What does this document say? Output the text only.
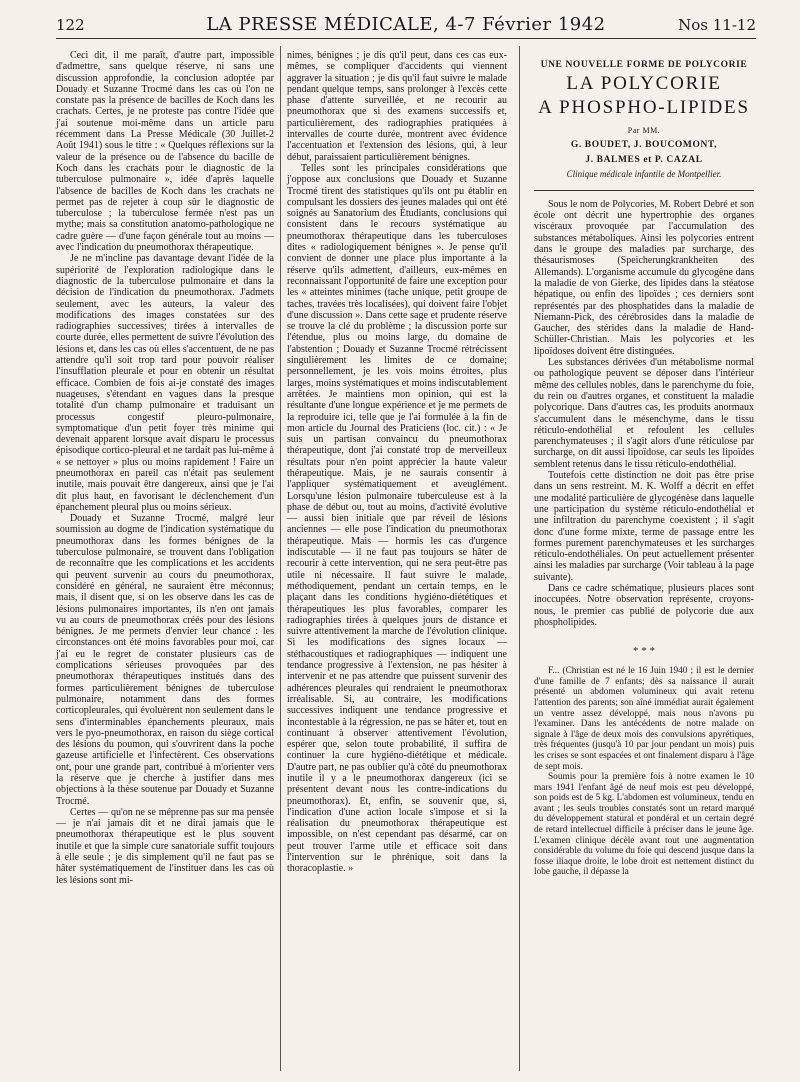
122	LA PRESSE MÉDICALE, 4-7 Février 1942	Nos 11-12

Ceci dit, il me paraît, d'autre part, impossible d'admettre, sans quelque réserve, ni sans une discussion approfondie, la conclusion adoptée par Douady et Suzanne Trocmé dans les cas où l'on ne constate pas la présence de bacilles de Koch dans les crachats. Certes, je ne proteste pas contre l'idée que j'ai soutenue moi-même dans un article paru récemment dans La Presse Médicale (30 Juillet-2 Août 1941) sous le titre : « Quelques réflexions sur la valeur de la présence ou de l'absence du bacille de Koch dans les crachats pour le diagnostic de la tuberculose pulmonaire », idée d'après laquelle l'absence de bacilles de Koch dans les crachats ne permet pas de rejeter à coup sûr le diagnostic de tuberculose ; la tuberculose fermée n'est pas un mythe; mais sa constitution anatomo-pathologique ne cadre guère — d'une façon générale tout au moins — avec l'indication du pneumothorax thérapeutique.

Je ne m'incline pas davantage devant l'idée de la supériorité de l'exploration radiologique dans le diagnostic de la tuberculose pulmonaire et dans la décision de l'indication du pneumothorax. J'admets seulement, avec les auteurs, la valeur des modifications des images constatées sur des radiographies successives; tirées à intervalles de courte durée, elles permettent de suivre l'évolution des lésions et, dans les cas où elles s'accentuent, de ne pas attendre qu'il soit trop tard pour pouvoir réaliser l'insufflation pleurale et pour en obtenir un résultat efficace. Combien de fois ai-je constaté des images nuageuses, s'étendant en vagues dans la presque totalité d'un champ pulmonaire et traduisant un processus congestif pleuro-pulmonaire, symptomatique d'un petit foyer très minime qui devenait apparent lorsque avait disparu le processus épisodique cortico-pleural et ne tardait pas lui-même à « se nettoyer » plus ou moins rapidement ! Faire un pneumothorax en pareil cas n'était pas seulement inutile, mais pouvait être dangereux, ainsi que je l'ai dit plus haut, en favorisant le déclenchement d'un épanchement pleural plus ou moins sérieux.

Douady et Suzanne Trocmé, malgré leur soumission au dogme de l'indication systématique du pneumothorax dans les formes bénignes de la tuberculose pulmonaire, se trouvent dans l'obligation de reconnaître que les complications et les accidents qui peuvent survenir au cours du pneumothorax, considéré en général, ne sauraient être méconnus; mais, il disent que, si on les observe dans les cas de lésions pulmonaires importantes, ils n'en ont jamais vu au cours de pneumothorax créés pour des lésions bénignes. Je me permets d'envier leur chance : les circonstances ont été moins favorables pour moi, car j'ai eu le regret de constater plusieurs cas de complications sérieuses provoquées par des pneumothorax thérapeutiques institués dans des formes particulièrement bénignes de tuberculose pulmonaire, notamment dans des formes corticopleurales, qui évoluèrent non seulement dans le sens d'interminables épanchements pleuraux, mais vers le pyo-pneumothorax, en raison du siège cortical des lésions du poumon, qui s'ouvrirent dans la poche gazeuse artificielle et l'infectèrent. Ces observations ont, pour une grande part, contribué à m'orienter vers la réserve que je cherche à justifier dans mes objections à la thèse soutenue par Douady et Suzanne Trocmé.

Certes — qu'on ne se méprenne pas sur ma pensée — je n'ai jamais dit et ne dirai jamais que le pneumothorax thérapeutique est le plus souvent inutile et que la simple cure sanatoriale suffit toujours à elle seule ; je dis simplement qu'il ne faut pas se hâter systématiquement de l'instituer dans les cas où les lésions sont mi-

nimes, bénignes ; je dis qu'il peut, dans ces cas eux-mêmes, se compliquer d'accidents qui viennent aggraver la situation ; je dis qu'il faut suivre le malade pendant quelque temps, sans prolonger à l'excès cette phase d'attente surveillée, et ne recourir au pneumothorax que si des examens successifs et, particulièrement, des radiographies pratiquées à intervalles de courte durée, montrent avec évidence l'accentuation et l'extension des lésions, qui, à leur début, paraissaient particulièrement bénignes.

Telles sont les principales considérations que j'oppose aux conclusions que Douady et Suzanne Trocmé tirent des statistiques qu'ils ont pu établir en compulsant les dossiers des jeunes malades qui ont été soignés au Sanatorium des Étudiants, conclusions qui consistent dans le recours systématique au pneumothorax thérapeutique dans les tuberculoses dites « radiologiquement bénignes ». Je pense qu'il convient de donner une place plus importante à la réserve qu'ils admettent, d'ailleurs, eux-mêmes en reconnaissant l'opportunité de faire une exception pour les « atteintes minimes (tache unique, petit groupe de taches, travées très localisées), qui doivent faire l'objet d'une discussion ». Dans cette sage et prudente réserve se trouve la clé du problème ; la discussion porte sur l'étendue, plus ou moins large, du domaine de l'abstention ; Douady et Suzanne Trocmé rétrécissent singulièrement les limites de ce domaine; personnellement, je les vois moins étroites, plus larges, moins systématiques et moins indiscutablement arrêtées. Je maintiens mon opinion, qui est la résultante d'une longue expérience et je me permets de la reproduire ici, telle que je l'ai formulée à la fin de mon article du Journal des Praticiens (loc. cit.) : « Je suis un partisan convaincu du pneumothorax thérapeutique, dont j'ai constaté trop de merveilleux résultats pour n'en point apprécier la haute valeur thérapeutique. Mais, je ne saurais consentir à l'appliquer systématiquement et aveuglément. Lorsqu'une lésion pulmonaire tuberculeuse est à la phase de début ou, tout au moins, d'activité évolutive — aussi bien initiale que par réveil de lésions anciennes — elle pose l'indication du pneumothorax thérapeutique. Mais — hormis les cas d'urgence indiscutable — il ne faut pas toujours se hâter de recourir à cette intervention, qui ne sera peut-être pas utile ni nécessaire. Il faut suivre le malade, méthodiquement, pendant un certain temps, en le plaçant dans les conditions hygiéno-diététiques et thérapeutiques les plus favorables, comparer les radiographies tirées à quelques jours de distance et suivre attentivement la marche de l'évolution clinique. Si les modifications des signes locaux — stéthacoustiques et radiographiques — indiquent une tendance progressive à l'extension, ne pas hésiter à intervenir et ne pas attendre que puissent survenir des adhérences pleurales qui rendraient le pneumothorax irréalisable. Si, au contraire, les modifications successives indiquent une tendance progressive et incontestable à la régression, ne pas se hâter et, tout en continuant à observer attentivement l'évolution, espérer que, selon toute probabilité, il suffira de continuer la cure hygiéno-diététique et médicale. D'autre part, ne pas oublier qu'à côté du pneumothorax inutile il y a le pneumothorax dangereux (ici se présentent devant nous les contre-indications du pneumothorax). Et, enfin, se souvenir que, si, l'indication d'une action locale s'impose et si la réalisation du pneumothorax thérapeutique est impossible, on n'est cependant pas désarmé, car on peut trouver l'arme utile et efficace soit dans l'intervention sur le phrénique, soit dans la thoracoplastie. »

UNE NOUVELLE FORME DE POLYCORIE
LA POLYCORIE
A PHOSPHO-LIPIDES
Par MM.
G. BOUDET, J. BOUCOMONT,
J. BALMES et P. CAZAL
Clinique médicale infantile de Montpellier.

Sous le nom de Polycories, M. Robert Debré et son école ont décrit une hypertrophie des organes viscéraux provoquée par l'accumulation des substances métaboliques. Ainsi les polycories entrent dans le groupe des maladies par surcharge, des thésaurismoses (Speicherungkrankheiten des Allemands). L'organisme accumule du glycogène dans la maladie de von Gierke, des lipides dans la stéatose hépatique, ou enfin des lipoïdes ; ces derniers sont représentés par des phosphatides dans la maladie de Niemann-Pick, des cérébrosides dans la maladie de Gaucher, des stérides dans la maladie de Hand-Schüller-Christian. Mais les polycories et les lipoïdoses doivent être distinguées.

Les substances dérivées d'un métabolisme normal ou pathologique peuvent se déposer dans l'intérieur même des cellules nobles, dans le parenchyme du foie, du rein ou d'autres organes, et constituent la maladie polycorique. Dans d'autres cas, les produits anormaux s'accumulent dans le mésenchyme, dans le tissu réticulo-endothélial et refoulent les cellules parenchymateuses ; il s'agit alors d'une réticulose par surcharge, on dit aussi lipoïdose, car seuls les lipoïdes semblent retenus dans le tissu réticulo-endothélial.

Toutefois cette distinction ne doit pas être prise dans un sens restreint. M. K. Wolff a décrit en effet une modalité particulière de glycogénèse dans laquelle une participation du système réticulo-endothélial et une infiltration du parenchyme coexistent ; il s'agit donc d'une forme mixte, terme de passage entre les formes purement parenchymateuses et les surcharges réticulo-endothéliales. On peut actuellement présenter ainsi les maladies par surcharge (Voir tableau à la page suivante).

Dans ce cadre schématique, plusieurs places sont inoccupées. Notre observation représente, croyons-nous, le premier cas publié de polycorie due aux phospholipides.

* * *

F... (Christian est né le 16 Juin 1940 ; il est le dernier d'une famille de 7 enfants; dès sa naissance il aurait présenté un abdomen volumineux qui avait retenu l'attention des parents; son aîné immédiat aurait également un ventre assez développé, mais nous n'avons pu l'examiner. Dans les antécédents de notre malade on signale à l'âge de deux mois des convulsions apyrétiques, très fréquentes (jusqu'à 10 par jour pendant un mois) puis les crises se sont espacées et ont finalement disparu à l'âge de sept mois.

Soumis pour la première fois à notre examen le 10 mars 1941 l'enfant âgé de neuf mois est peu développé, son poids est de 5 kg. L'abdomen est volumineux, tendu en avant ; les seuls troubles constatés sont un retard marqué du développement statural et pondéral et un certain degré de retard intellectuel difficile à préciser dans le jeune âge. L'examen clinique décèle avant tout une augmentation considérable du volume du foie qui descend jusque dans la fosse iliaque droite, le lobe droit est nettement distinct du lobe gauche, il dépasse la
